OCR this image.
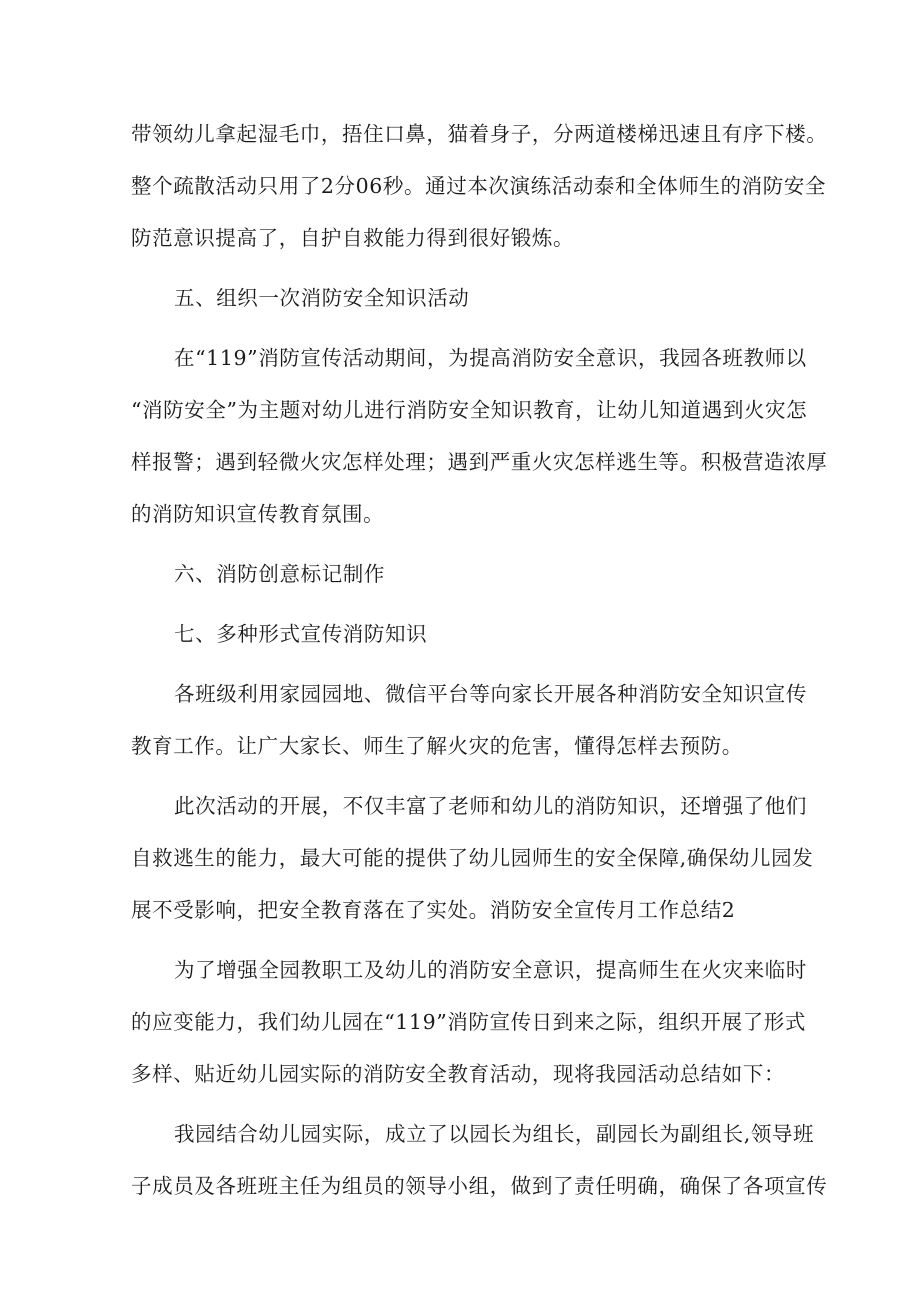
带领幼儿拿起湿毛巾，捂住口鼻，猫着身子，分两道楼梯迅速且有序下楼。
整个疏散活动只用了2分06秒。通过本次演练活动泰和全体师生的消防安全
防范意识提高了，自护自救能力得到很好锻炼。
五、组织一次消防安全知识活动
在“119”消防宣传活动期间，为提高消防安全意识，我园各班教师以
“消防安全”为主题对幼儿进行消防安全知识教育，让幼儿知道遇到火灾怎
样报警；遇到轻微火灾怎样处理；遇到严重火灾怎样逃生等。积极营造浓厚
的消防知识宣传教育氛围。
六、消防创意标记制作
七、多种形式宣传消防知识
各班级利用家园园地、微信平台等向家长开展各种消防安全知识宣传
教育工作。让广大家长、师生了解火灾的危害，懂得怎样去预防。
此次活动的开展，不仅丰富了老师和幼儿的消防知识，还增强了他们
自救逃生的能力，最大可能的提供了幼儿园师生的安全保障,确保幼儿园发
展不受影响，把安全教育落在了实处。消防安全宣传月工作总结2
为了增强全园教职工及幼儿的消防安全意识，提高师生在火灾来临时
的应变能力，我们幼儿园在“119”消防宣传日到来之际，组织开展了形式
多样、贴近幼儿园实际的消防安全教育活动，现将我园活动总结如下：
我园结合幼儿园实际，成立了以园长为组长，副园长为副组长,领导班
子成员及各班班主任为组员的领导小组，做到了责任明确，确保了各项宣传
